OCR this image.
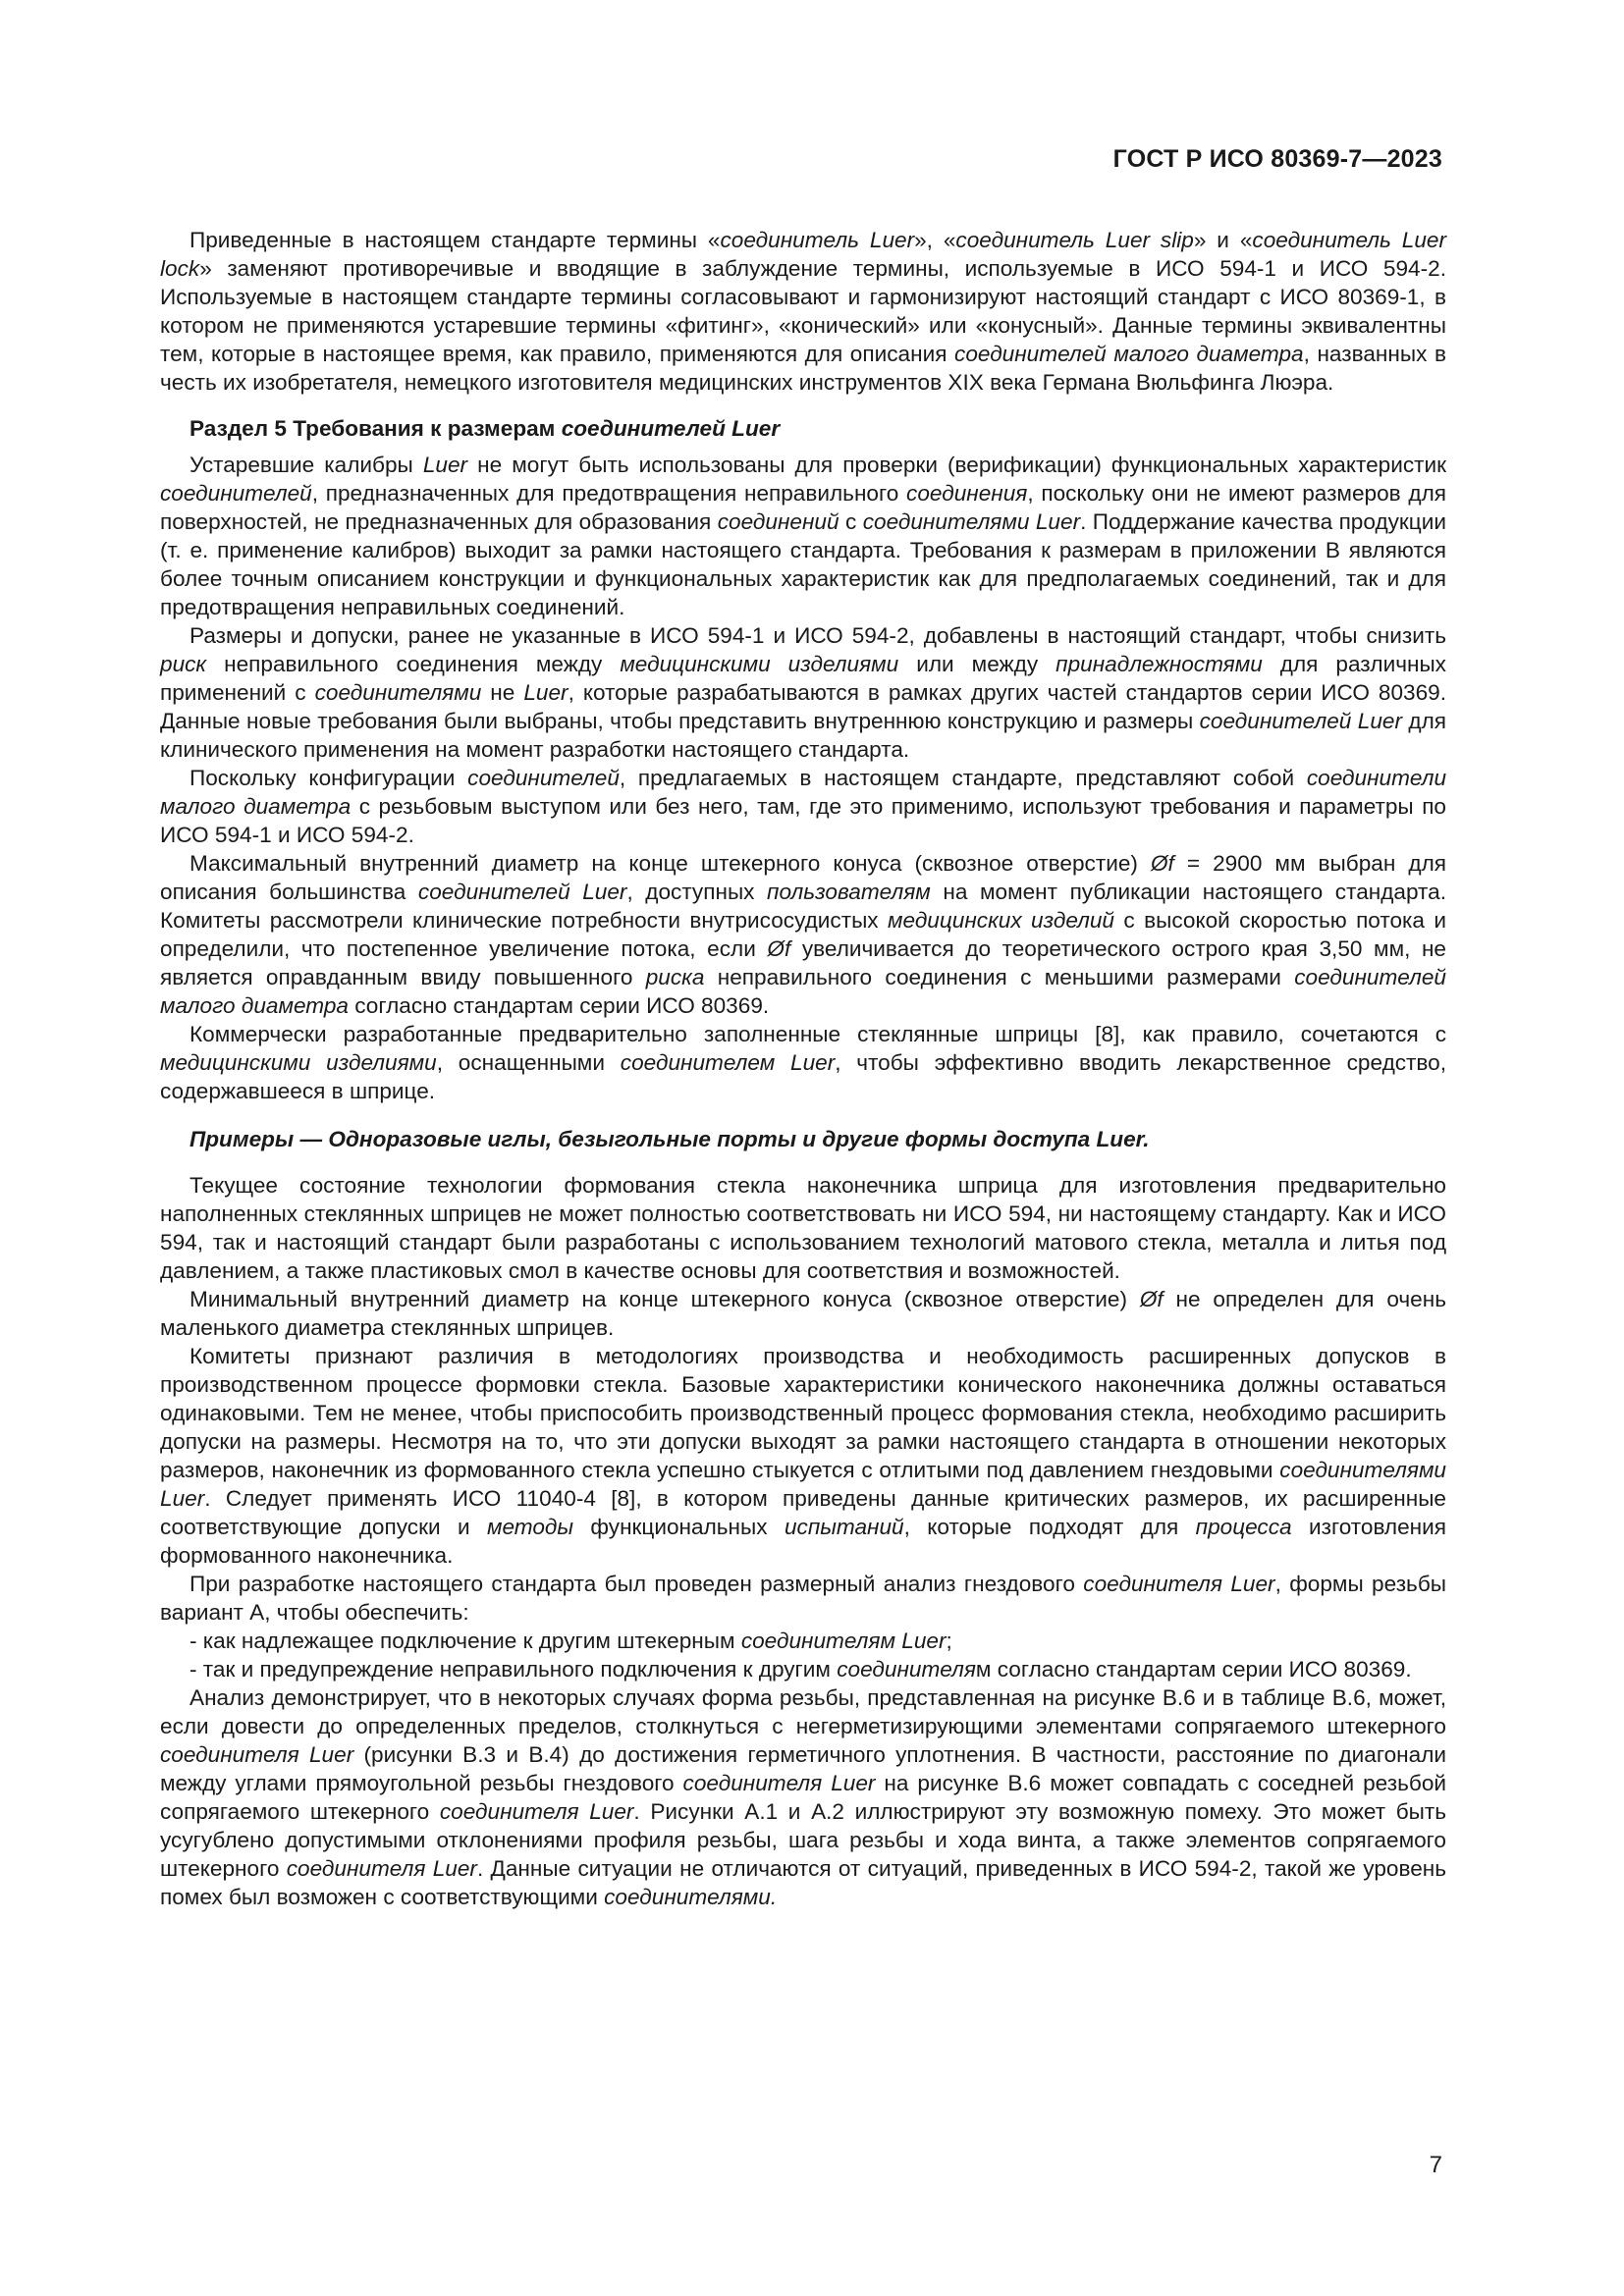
ГОСТ Р ИСО 80369-7—2023

Приведенные в настоящем стандарте термины «соединитель Luer», «соединитель Luer slip» и «соединитель Luer lock» заменяют противоречивые и вводящие в заблуждение термины, используемые в ИСО 594-1 и ИСО 594-2. Используемые в настоящем стандарте термины согласовывают и гармонизируют настоящий стандарт с ИСО 80369-1, в котором не применяются устаревшие термины «фитинг», «конический» или «конусный». Данные термины эквивалентны тем, которые в настоящее время, как правило, применяются для описания соединителей малого диаметра, названных в честь их изобретателя, немецкого изготовителя медицинских инструментов XIX века Германа Вюльфинга Люэра.

Раздел 5 Требования к размерам соединителей Luer

Устаревшие калибры Luer не могут быть использованы для проверки (верификации) функциональных характеристик соединителей, предназначенных для предотвращения неправильного соединения, поскольку они не имеют размеров для поверхностей, не предназначенных для образования соединений с соединителями Luer. Поддержание качества продукции (т. е. применение калибров) выходит за рамки настоящего стандарта. Требования к размерам в приложении В являются более точным описанием конструкции и функциональных характеристик как для предполагаемых соединений, так и для предотвращения неправильных соединений.

Размеры и допуски, ранее не указанные в ИСО 594-1 и ИСО 594-2, добавлены в настоящий стандарт, чтобы снизить риск неправильного соединения между медицинскими изделиями или между принадлежностями для различных применений с соединителями не Luer, которые разрабатываются в рамках других частей стандартов серии ИСО 80369. Данные новые требования были выбраны, чтобы представить внутреннюю конструкцию и размеры соединителей Luer для клинического применения на момент разработки настоящего стандарта.

Поскольку конфигурации соединителей, предлагаемых в настоящем стандарте, представляют собой соединители малого диаметра с резьбовым выступом или без него, там, где это применимо, используют требования и параметры по ИСО 594-1 и ИСО 594-2.

Максимальный внутренний диаметр на конце штекерного конуса (сквозное отверстие) Øf = 2900 мм выбран для описания большинства соединителей Luer, доступных пользователям на момент публикации настоящего стандарта. Комитеты рассмотрели клинические потребности внутрисосудистых медицинских изделий с высокой скоростью потока и определили, что постепенное увеличение потока, если Øf увеличивается до теоретического острого края 3,50 мм, не является оправданным ввиду повышенного риска неправильного соединения с меньшими размерами соединителей малого диаметра согласно стандартам серии ИСО 80369.

Коммерчески разработанные предварительно заполненные стеклянные шприцы [8], как правило, сочетаются с медицинскими изделиями, оснащенными соединителем Luer, чтобы эффективно вводить лекарственное средство, содержавшееся в шприце.

Примеры — Одноразовые иглы, безыгольные порты и другие формы доступа Luer.

Текущее состояние технологии формования стекла наконечника шприца для изготовления предварительно наполненных стеклянных шприцев не может полностью соответствовать ни ИСО 594, ни настоящему стандарту. Как и ИСО 594, так и настоящий стандарт были разработаны с использованием технологий матового стекла, металла и литья под давлением, а также пластиковых смол в качестве основы для соответствия и возможностей.

Минимальный внутренний диаметр на конце штекерного конуса (сквозное отверстие) Øf не определен для очень маленького диаметра стеклянных шприцев.

Комитеты признают различия в методологиях производства и необходимость расширенных допусков в производственном процессе формовки стекла. Базовые характеристики конического наконечника должны оставаться одинаковыми. Тем не менее, чтобы приспособить производственный процесс формования стекла, необходимо расширить допуски на размеры. Несмотря на то, что эти допуски выходят за рамки настоящего стандарта в отношении некоторых размеров, наконечник из формованного стекла успешно стыкуется с отлитыми под давлением гнездовыми соединителями Luer. Следует применять ИСО 11040-4 [8], в котором приведены данные критических размеров, их расширенные соответствующие допуски и методы функциональных испытаний, которые подходят для процесса изготовления формованного наконечника.

При разработке настоящего стандарта был проведен размерный анализ гнездового соединителя Luer, формы резьбы вариант А, чтобы обеспечить:

- как надлежащее подключение к другим штекерным соединителям Luer;

- так и предупреждение неправильного подключения к другим соединителям согласно стандартам серии ИСО 80369.

Анализ демонстрирует, что в некоторых случаях форма резьбы, представленная на рисунке В.6 и в таблице В.6, может, если довести до определенных пределов, столкнуться с негерметизирующими элементами сопрягаемого штекерного соединителя Luer (рисунки В.3 и В.4) до достижения герметичного уплотнения. В частности, расстояние по диагонали между углами прямоугольной резьбы гнездового соединителя Luer на рисунке В.6 может совпадать с соседней резьбой сопрягаемого штекерного соединителя Luer. Рисунки А.1 и А.2 иллюстрируют эту возможную помеху. Это может быть усугублено допустимыми отклонениями профиля резьбы, шага резьбы и хода винта, а также элементов сопрягаемого штекерного соединителя Luer. Данные ситуации не отличаются от ситуаций, приведенных в ИСО 594-2, такой же уровень помех был возможен с соответствующими соединителями.

7
